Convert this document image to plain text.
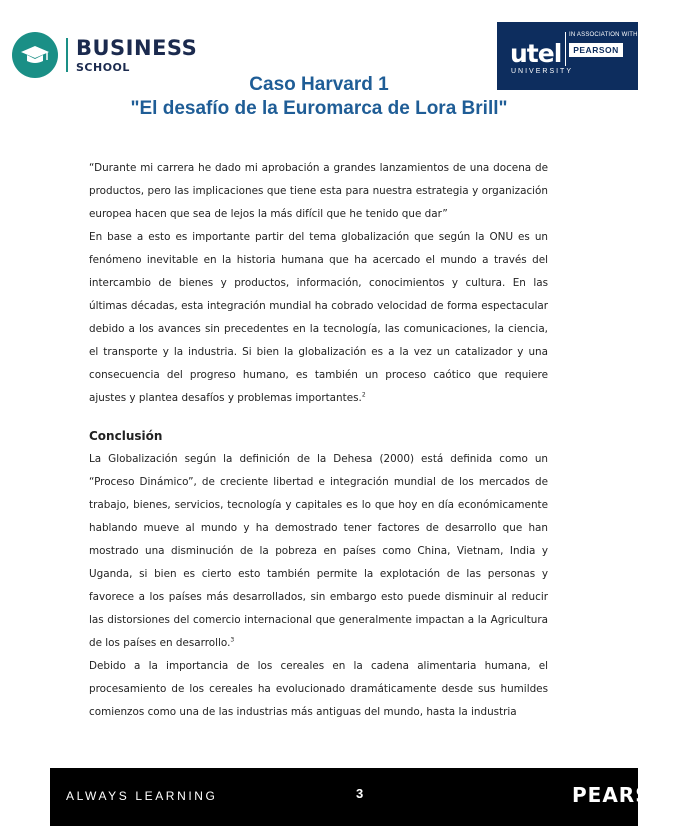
BUSINESS
SCHOOL	utel
UNIVERSITY
IN ASSOCIATION WITH
PEARSON
Caso Harvard 1
"El desafío de la Euromarca de Lora Brill"

“Durante mi carrera he dado mi aprobación a grandes lanzamientos de una docena de productos, pero las implicaciones que tiene esta para nuestra estrategia y organización europea hacen que sea de lejos la más difícil que he tenido que dar”

En base a esto es importante partir del tema globalización que según la ONU es un fenómeno inevitable en la historia humana que ha acercado el mundo a través del intercambio de bienes y productos, información, conocimientos y cultura. En las últimas décadas, esta integración mundial ha cobrado velocidad de forma espectacular debido a los avances sin precedentes en la tecnología, las comunicaciones, la ciencia, el transporte y la industria. Si bien la globalización es a la vez un catalizador y una consecuencia del progreso humano, es también un proceso caótico que requiere ajustes y plantea desafíos y problemas importantes.$^2$

Conclusión

La Globalización según la definición de la Dehesa (2000) está definida como un “Proceso Dinámico”, de creciente libertad e integración mundial de los mercados de trabajo, bienes, servicios, tecnología y capitales es lo que hoy en día económicamente hablando mueve al mundo y ha demostrado tener factores de desarrollo que han mostrado una disminución de la pobreza en países como China, Vietnam, India y Uganda, si bien es cierto esto también permite la explotación de las personas y favorece a los países más desarrollados, sin embargo esto puede disminuir al reducir las distorsiones del comercio internacional que generalmente impactan a la Agricultura de los países en desarrollo.$^3$

Debido a la importancia de los cereales en la cadena alimentaria humana, el procesamiento de los cereales ha evolucionado dramáticamente desde sus humildes comienzos como una de las industrias más antiguas del mundo, hasta la industria

ALWAYS LEARNING	3	PEARSON
